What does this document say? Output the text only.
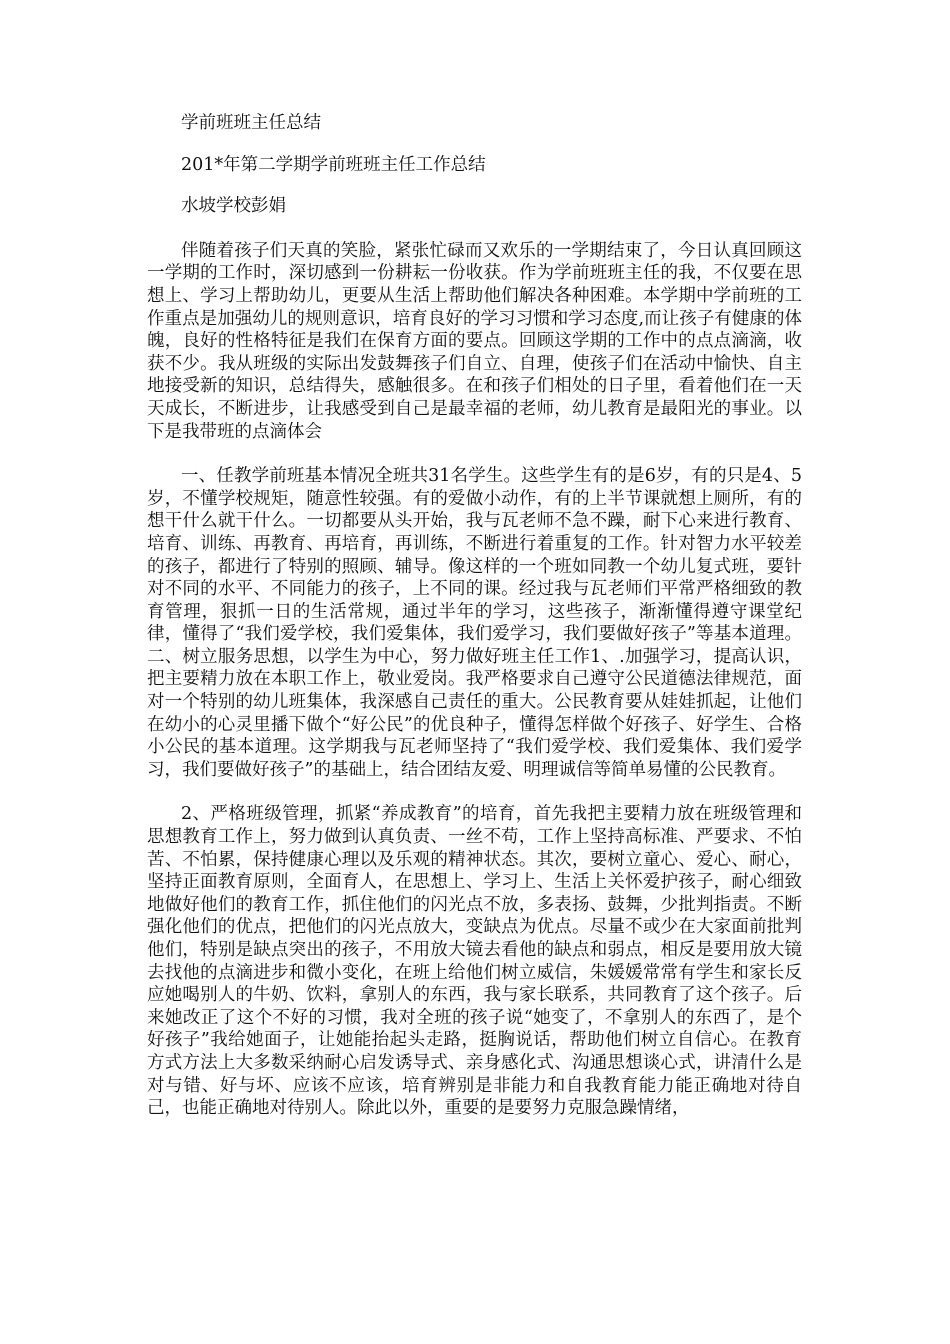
学前班班主任总结

201*年第二学期学前班班主任工作总结

水坡学校彭娟

伴随着孩子们天真的笑脸，紧张忙碌而又欢乐的一学期结束了，今日认真回顾这一学期的工作时，深切感到一份耕耘一份收获。作为学前班班主任的我，不仅要在思想上、学习上帮助幼儿，更要从生活上帮助他们解决各种困难。本学期中学前班的工作重点是加强幼儿的规则意识，培育良好的学习习惯和学习态度,而让孩子有健康的体魄，良好的性格特征是我们在保育方面的要点。回顾这学期的工作中的点点滴滴，收获不少。我从班级的实际出发鼓舞孩子们自立、自理，使孩子们在活动中愉快、自主地接受新的知识，总结得失，感触很多。在和孩子们相处的日子里，看着他们在一天天成长，不断进步，让我感受到自己是最幸福的老师，幼儿教育是最阳光的事业。以下是我带班的点滴体会

一、任教学前班基本情况全班共31名学生。这些学生有的是6岁，有的只是4、5岁，不懂学校规矩，随意性较强。有的爱做小动作，有的上半节课就想上厕所，有的想干什么就干什么。一切都要从头开始，我与瓦老师不急不躁，耐下心来进行教育、培育、训练、再教育、再培育，再训练，不断进行着重复的工作。针对智力水平较差的孩子，都进行了特别的照顾、辅导。像这样的一个班如同教一个幼儿复式班，要针对不同的水平、不同能力的孩子，上不同的课。经过我与瓦老师们平常严格细致的教育管理，狠抓一日的生活常规，通过半年的学习，这些孩子，渐渐懂得遵守课堂纪律，懂得了“我们爱学校，我们爱集体，我们爱学习，我们要做好孩子”等基本道理。二、树立服务思想，以学生为中心，努力做好班主任工作1、.加强学习，提高认识，把主要精力放在本职工作上，敬业爱岗。我严格要求自己遵守公民道德法律规范，面对一个特别的幼儿班集体，我深感自己责任的重大。公民教育要从娃娃抓起，让他们在幼小的心灵里播下做个“好公民”的优良种子，懂得怎样做个好孩子、好学生、合格小公民的基本道理。这学期我与瓦老师坚持了“我们爱学校、我们爱集体、我们爱学习，我们要做好孩子”的基础上，结合团结友爱、明理诚信等简单易懂的公民教育。

2、严格班级管理，抓紧“养成教育”的培育，首先我把主要精力放在班级管理和思想教育工作上，努力做到认真负责、一丝不苟，工作上坚持高标准、严要求、不怕苦、不怕累，保持健康心理以及乐观的精神状态。其次，要树立童心、爱心、耐心，坚持正面教育原则，全面育人，在思想上、学习上、生活上关怀爱护孩子，耐心细致地做好他们的教育工作，抓住他们的闪光点不放，多表扬、鼓舞，少批判指责。不断强化他们的优点，把他们的闪光点放大，变缺点为优点。尽量不或少在大家面前批判他们，特别是缺点突出的孩子，不用放大镜去看他的缺点和弱点，相反是要用放大镜去找他的点滴进步和微小变化，在班上给他们树立威信，朱媛媛常常有学生和家长反应她喝别人的牛奶、饮料，拿别人的东西，我与家长联系，共同教育了这个孩子。后来她改正了这个不好的习惯，我对全班的孩子说“她变了，不拿别人的东西了，是个好孩子”我给她面子，让她能抬起头走路，挺胸说话，帮助他们树立自信心。在教育方式方法上大多数采纳耐心启发诱导式、亲身感化式、沟通思想谈心式，讲清什么是对与错、好与坏、应该不应该，培育辨别是非能力和自我教育能力能正确地对待自己，也能正确地对待别人。除此以外，重要的是要努力克服急躁情绪，
